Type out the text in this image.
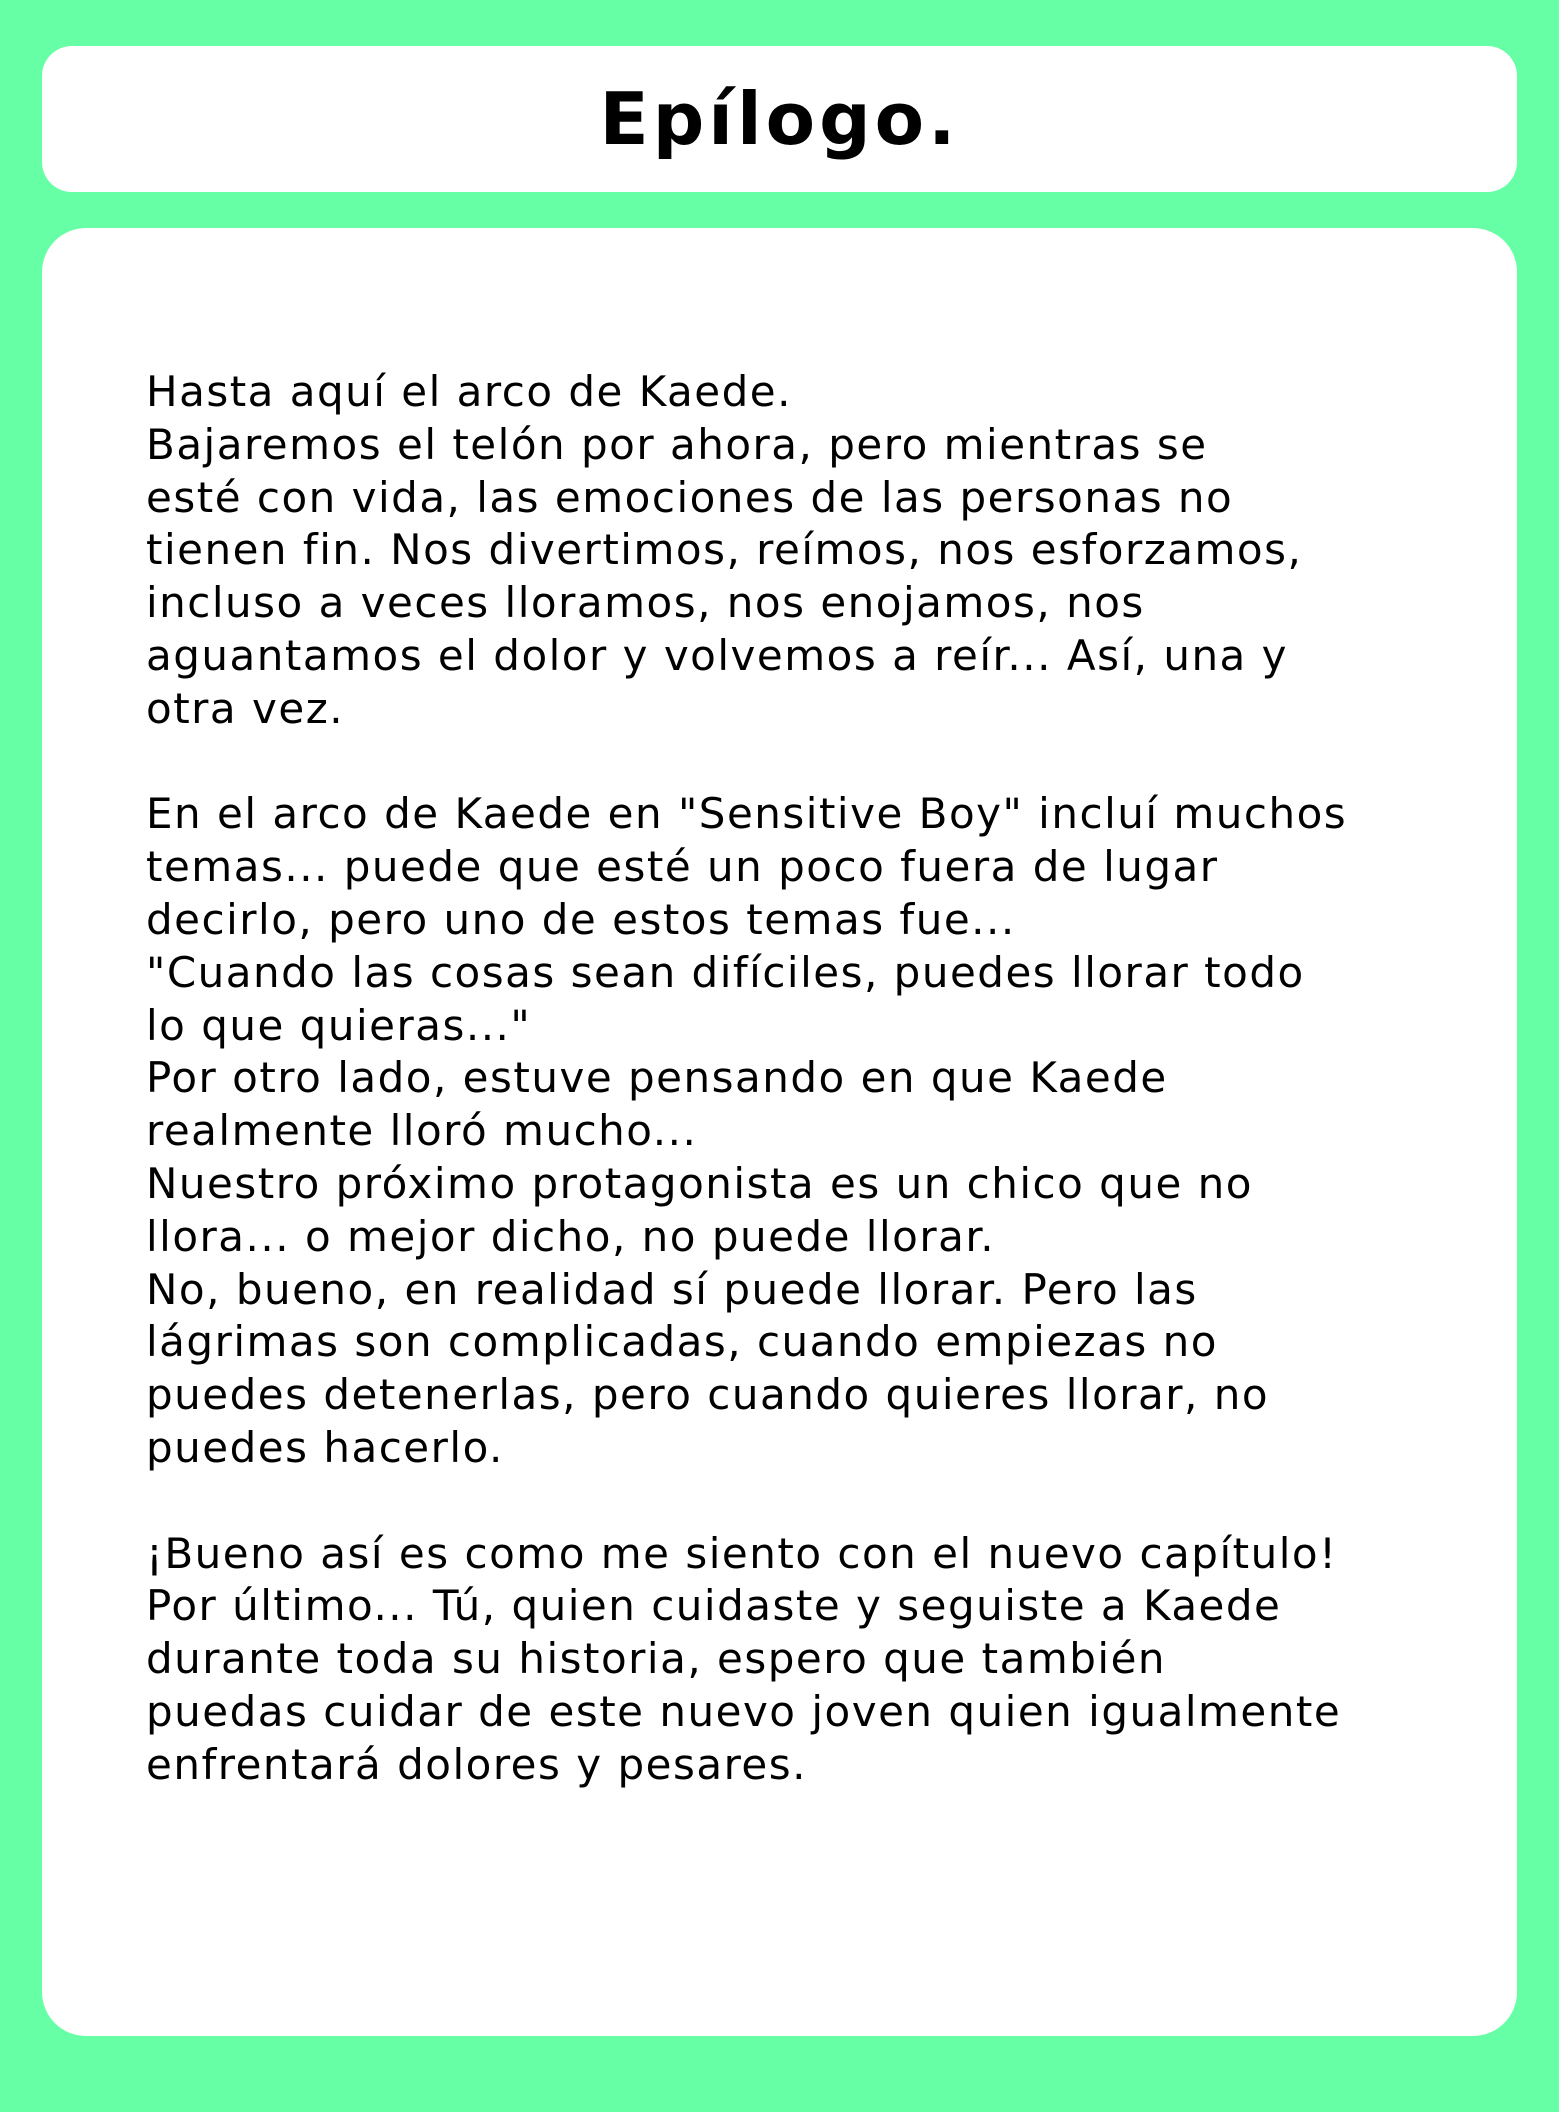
Epílogo.

Hasta aquí el arco de Kaede.
Bajaremos el telón por ahora, pero mientras se
esté con vida, las emociones de las personas no
tienen fin. Nos divertimos, reímos, nos esforzamos,
incluso a veces lloramos, nos enojamos, nos
aguantamos el dolor y volvemos a reír... Así, una y
otra vez.

En el arco de Kaede en "Sensitive Boy" incluí muchos
temas... puede que esté un poco fuera de lugar
decirlo, pero uno de estos temas fue...
"Cuando las cosas sean difíciles, puedes llorar todo
lo que quieras..."
Por otro lado, estuve pensando en que Kaede
realmente lloró mucho...
Nuestro próximo protagonista es un chico que no
llora... o mejor dicho, no puede llorar.
No, bueno, en realidad sí puede llorar. Pero las
lágrimas son complicadas, cuando empiezas no
puedes detenerlas, pero cuando quieres llorar, no
puedes hacerlo.

¡Bueno así es como me siento con el nuevo capítulo!
Por último... Tú, quien cuidaste y seguiste a Kaede
durante toda su historia, espero que también
puedas cuidar de este nuevo joven quien igualmente
enfrentará dolores y pesares.
